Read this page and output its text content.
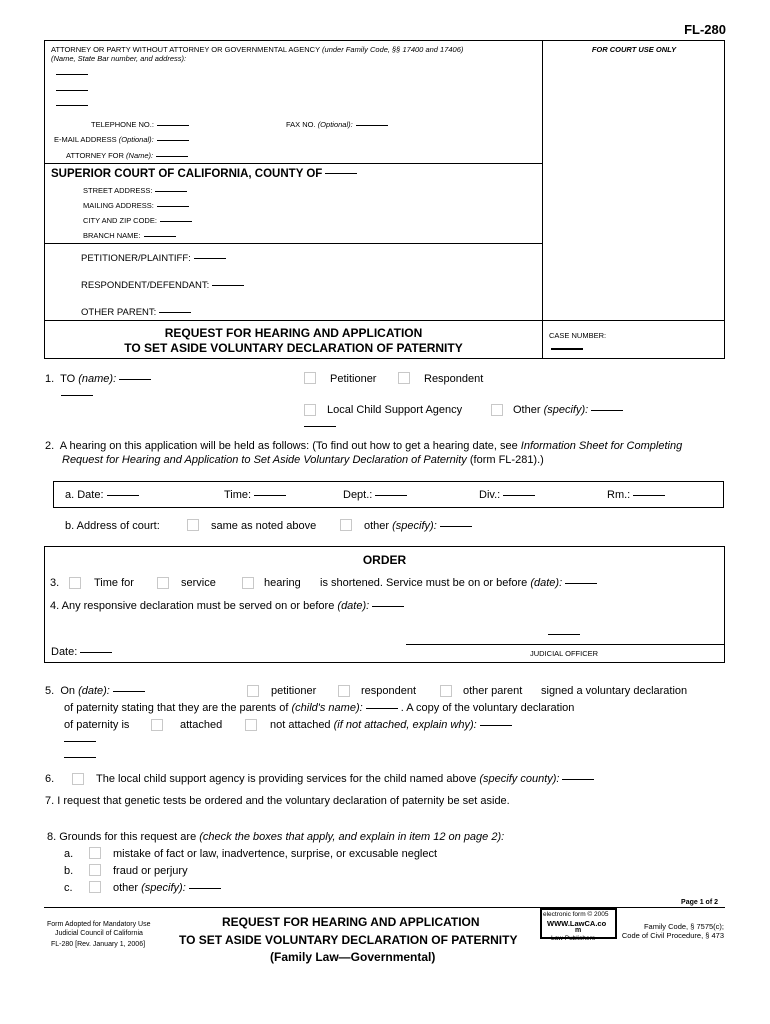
FL-280
ATTORNEY OR PARTY WITHOUT ATTORNEY OR GOVERNMENTAL AGENCY (under Family Code, §§ 17400 and 17406)
(Name, State Bar number, and address):
TELEPHONE NO.:	FAX NO. (Optional):
E-MAIL ADDRESS (Optional):
ATTORNEY FOR (Name):
FOR COURT USE ONLY
SUPERIOR COURT OF CALIFORNIA, COUNTY OF
STREET ADDRESS:
MAILING ADDRESS:
CITY AND ZIP CODE:
BRANCH NAME:
PETITIONER/PLAINTIFF:
RESPONDENT/DEFENDANT:
OTHER PARENT:
REQUEST FOR HEARING AND APPLICATION
TO SET ASIDE VOLUNTARY DECLARATION OF PATERNITY
CASE NUMBER:
1. TO (name):	Petitioner	Respondent
Local Child Support Agency	Other (specify):
2. A hearing on this application will be held as follows: (To find out how to get a hearing date, see Information Sheet for Completing
Request for Hearing and Application to Set Aside Voluntary Declaration of Paternity (form FL-281).)
a. Date:	Time:	Dept.:	Div.:	Rm.:
b. Address of court:	same as noted above	other (specify):
ORDER
3.	Time for	service	hearing is shortened. Service must be on or before (date):
4. Any responsive declaration must be served on or before (date):
JUDICIAL OFFICER
Date:
5. On (date):	petitioner	respondent	other parent signed a voluntary declaration
of paternity stating that they are the parents of (child's name):	. A copy of the voluntary declaration
of paternity is	attached	not attached (if not attached, explain why):
6.	The local child support agency is providing services for the child named above (specify county):
7. I request that genetic tests be ordered and the voluntary declaration of paternity be set aside.
8. Grounds for this request are (check the boxes that apply, and explain in item 12 on page 2):
a.	mistake of fact or law, inadvertence, surprise, or excusable neglect
b.	fraud or perjury
c.	other (specify):
Page 1 of 2
Form Adopted for Mandatory Use
Judicial Council of California
FL-280 [Rev. January 1, 2006]
REQUEST FOR HEARING AND APPLICATION
TO SET ASIDE VOLUNTARY DECLARATION OF PATERNITY
(Family Law—Governmental)
electronic form © 2005
WWW.LawCA.co
m
Law Publishers
Family Code, § 7575(c);
Code of Civil Procedure, § 473
